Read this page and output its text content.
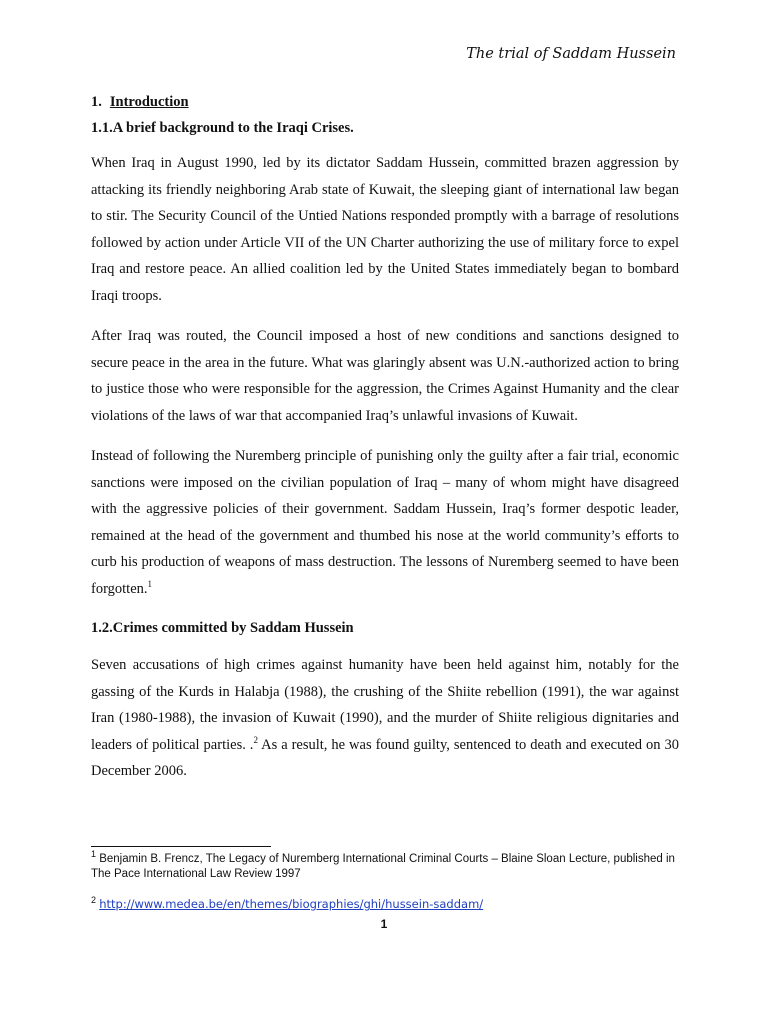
The trial of Saddam Hussein

1. Introduction

1.1.A brief background to the Iraqi Crises.

When Iraq in August 1990, led by its dictator Saddam Hussein, committed brazen aggression by attacking its friendly neighboring Arab state of Kuwait, the sleeping giant of international law began to stir. The Security Council of the Untied Nations responded promptly with a barrage of resolutions followed by action under Article VII of the UN Charter authorizing the use of military force to expel Iraq and restore peace. An allied coalition led by the United States immediately began to bombard Iraqi troops.

After Iraq was routed, the Council imposed a host of new conditions and sanctions designed to secure peace in the area in the future. What was glaringly absent was U.N.-authorized action to bring to justice those who were responsible for the aggression, the Crimes Against Humanity and the clear violations of the laws of war that accompanied Iraq’s unlawful invasions of Kuwait.

Instead of following the Nuremberg principle of punishing only the guilty after a fair trial, economic sanctions were imposed on the civilian population of Iraq – many of whom might have disagreed with the aggressive policies of their government. Saddam Hussein, Iraq’s former despotic leader, remained at the head of the government and thumbed his nose at the world community’s efforts to curb his production of weapons of mass destruction. The lessons of Nuremberg seemed to have been forgotten.$^1$

1.2.Crimes committed by Saddam Hussein

Seven accusations of high crimes against humanity have been held against him, notably for the gassing of the Kurds in Halabja (1988), the crushing of the Shiite rebellion (1991), the war against Iran (1980-1988), the invasion of Kuwait (1990), and the murder of Shiite religious dignitaries and leaders of political parties. .$^2$ As a result, he was found guilty, sentenced to death and executed on 30 December 2006.

$^1$ Benjamin B. Frencz, The Legacy of Nuremberg International Criminal Courts – Blaine Sloan Lecture, published in The Pace International Law Review 1997

$^2$ http://www.medea.be/en/themes/biographies/ghi/hussein-saddam/

1
